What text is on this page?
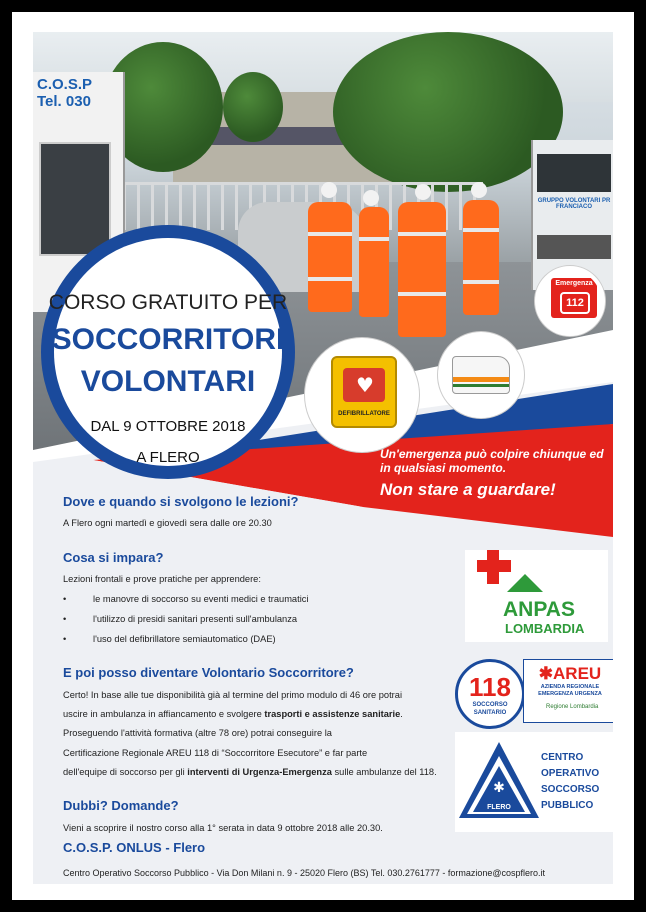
C.O.S.P
Tel. 030
GRUPPO VOLONTARI PR FRANCIACO
Emergenza
112
♥
DEFIBRILLATORE
CORSO GRATUITO PER
SOCCORRITORI
VOLONTARI
DAL 9 OTTOBRE 2018
A FLERO	Un'emergenza può colpire chiunque ed
in qualsiasi momento.
Non stare a guardare!
Dove e quando si svolgono le lezioni?
A Flero ogni martedì e giovedì sera dalle ore 20.30
Cosa si impara?
Lezioni frontali e prove pratiche per apprendere:
•	le manovre di soccorso su eventi medici e traumatici
•	l'utilizzo di presidi sanitari presenti sull'ambulanza
•	l'uso del defibrillatore semiautomatico (DAE)
E poi posso diventare Volontario Soccorritore?
Certo! In base alle tue disponibilità già al termine del primo modulo di 46 ore potrai
uscire in ambulanza in affiancamento e svolgere trasporti e assistenze sanitarie.
Proseguendo l'attività formativa (altre 78 ore) potrai conseguire la
Certificazione Regionale AREU 118 di “Soccorritore Esecutore” e far parte
dell'equipe di soccorso per gli interventi di Urgenza-Emergenza sulle ambulanze del 118.
Dubbi? Domande?
Vieni a scoprire il nostro corso alla 1° serata in data 9 ottobre 2018 alle 20.30.
ANPAS
LOMBARDIA
118
SOCCORSO
SANITARIO
✱AREU
AZIENDA REGIONALE
EMERGENZA URGENZA
Regione Lombardia
✱
FLERO
CENTRO
OPERATIVO
SOCCORSO
PUBBLICO
C.O.S.P. ONLUS - Flero
Centro Operativo Soccorso Pubblico - Via Don Milani n. 9 - 25020 Flero (BS) Tel. 030.2761777 - formazione@cospflero.it
